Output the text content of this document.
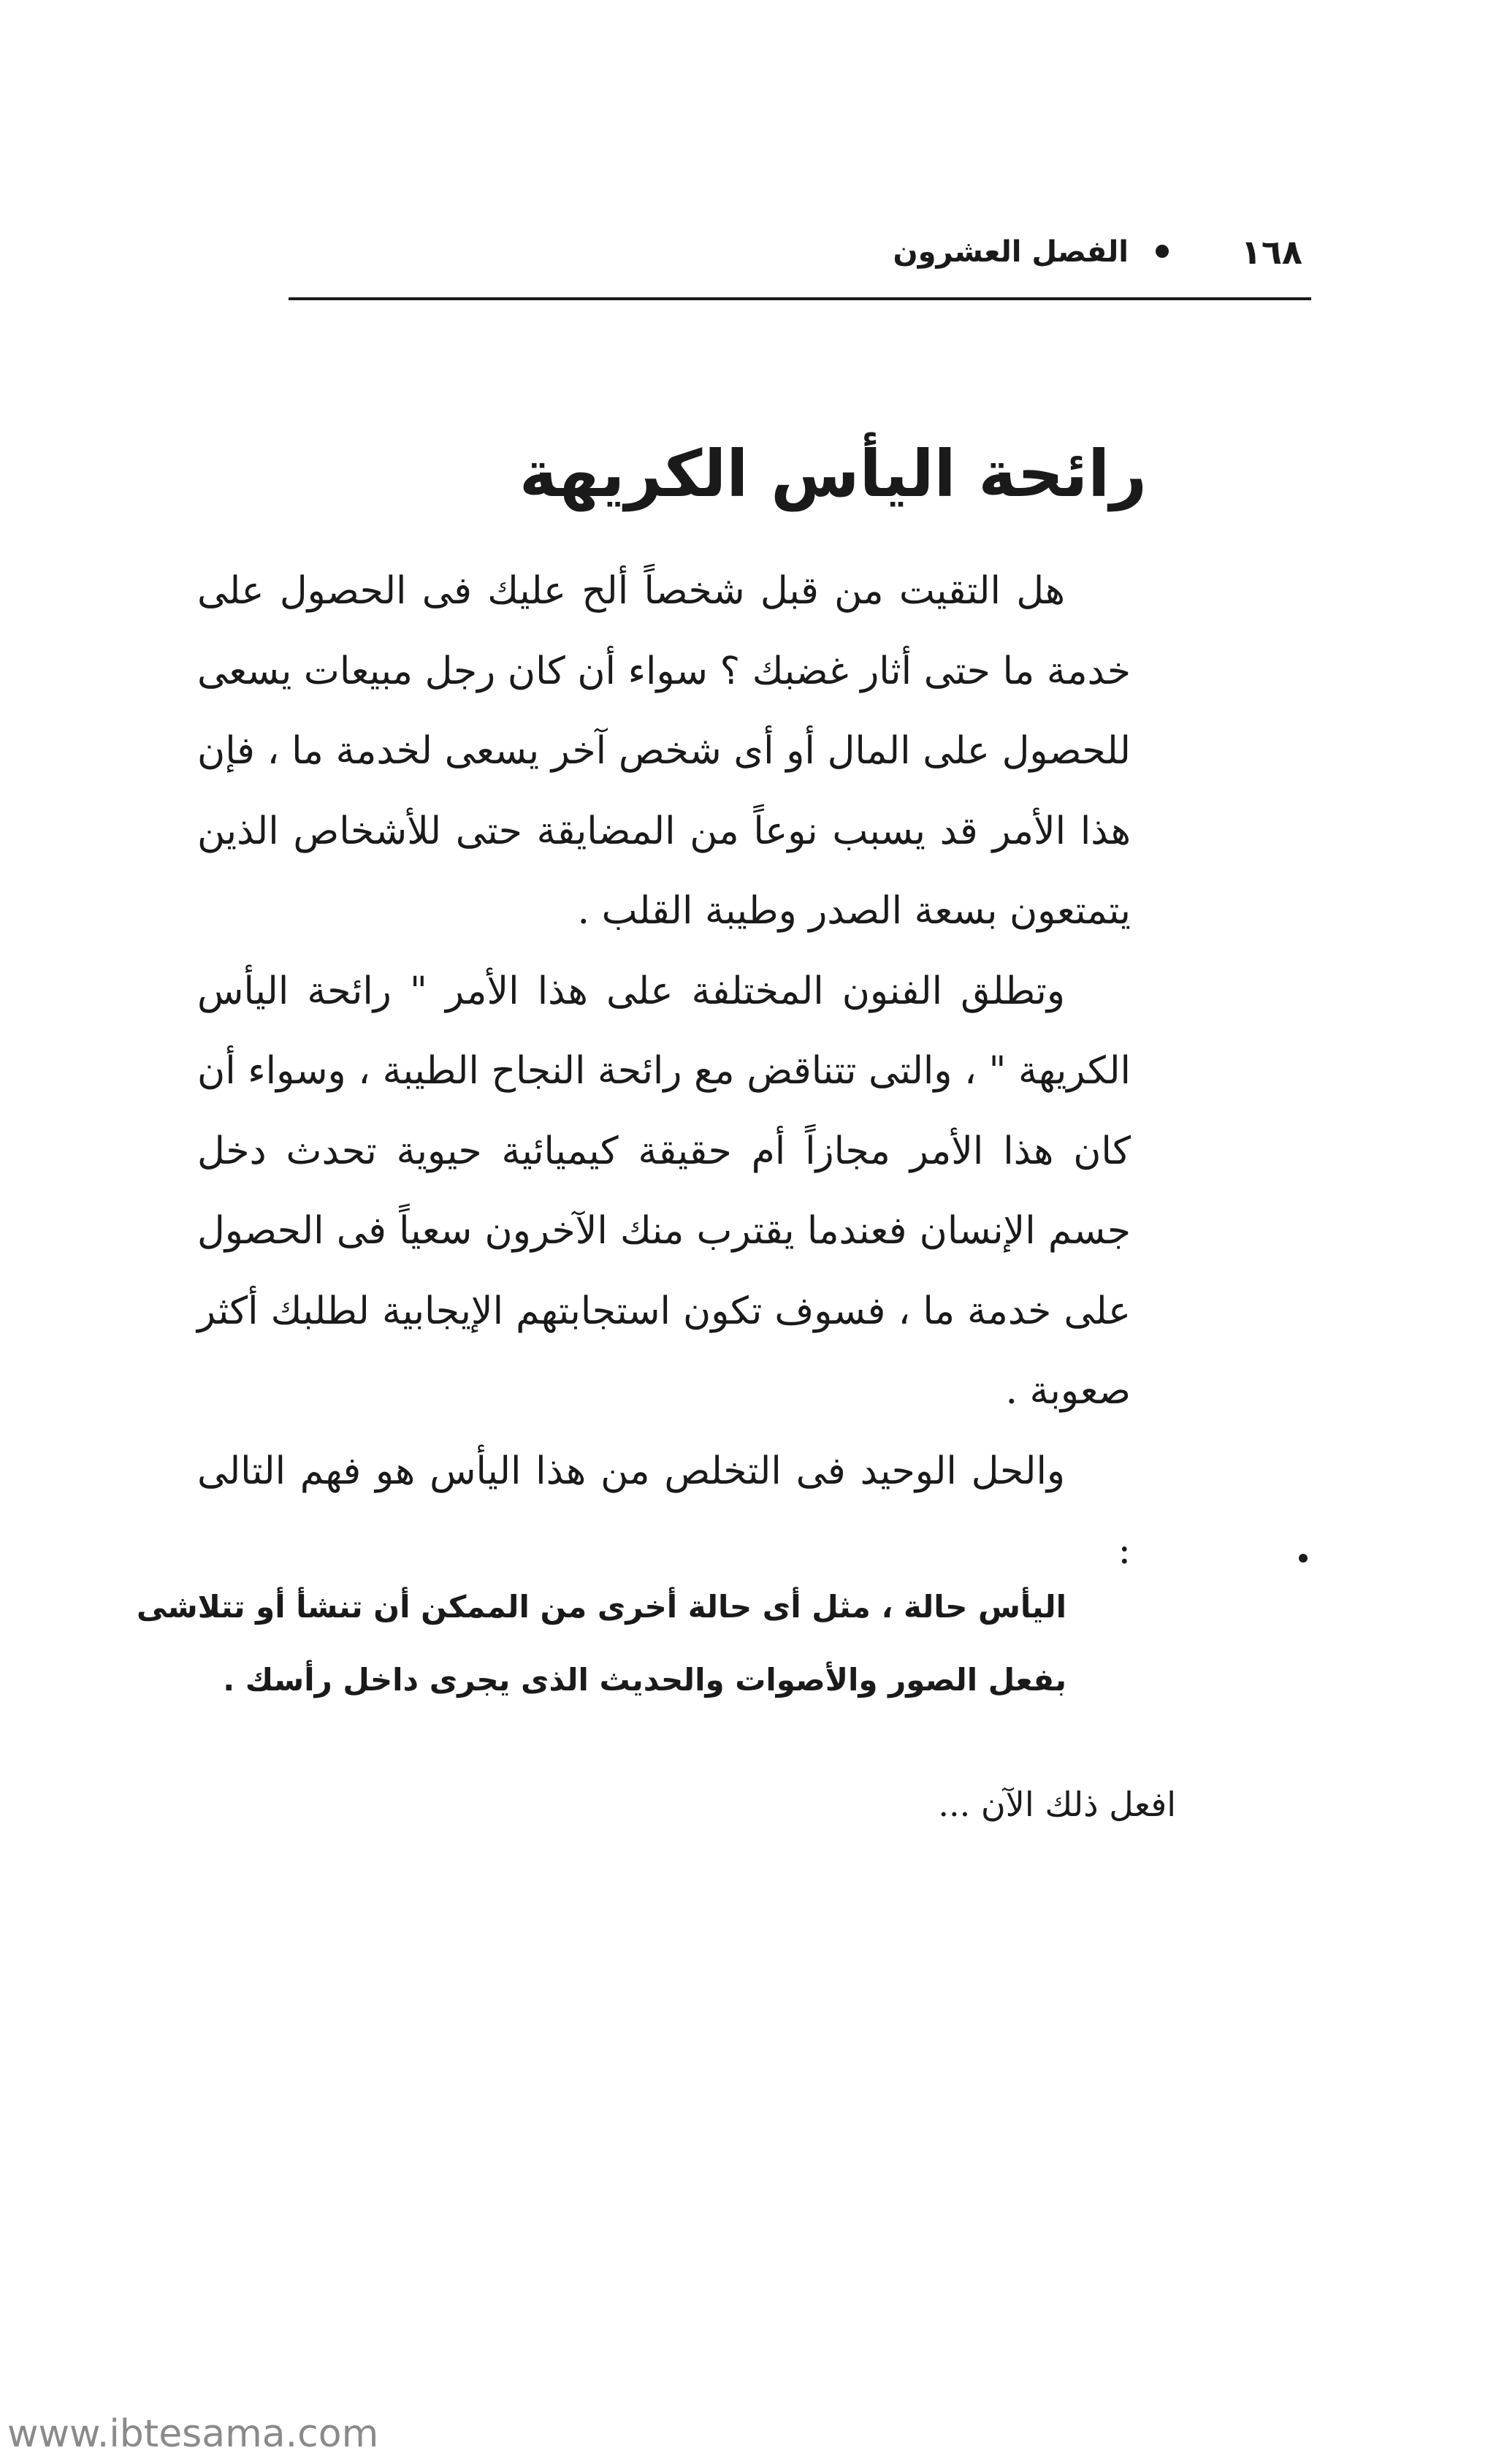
١٦٨
الفصل العشرون
رائحة اليأس الكريهة

هل التقيت من قبل شخصاً ألح عليك فى الحصول على خدمة ما حتى أثار غضبك ؟ سواء أن كان رجل مبيعات يسعى للحصول على المال أو أى شخص آخر يسعى لخدمة ما ، فإن هذا الأمر قد يسبب نوعاً من المضايقة حتى للأشخاص الذين يتمتعون بسعة الصدر وطيبة القلب .

وتطلق الفنون المختلفة على هذا الأمر " رائحة اليأس الكريهة " ، والتى تتناقض مع رائحة النجاح الطيبة ، وسواء أن كان هذا الأمر مجازاً أم حقيقة كيميائية حيوية تحدث دخل جسم الإنسان فعندما يقترب منك الآخرون سعياً فى الحصول على خدمة ما ، فسوف تكون استجابتهم الإيجابية لطلبك أكثر صعوبة .

والحل الوحيد فى التخلص من هذا اليأس هو فهم التالى :

اليأس حالة ، مثل أى حالة أخرى من الممكن أن تنشأ أو تتلاشى
بفعل الصور والأصوات والحديث الذى يجرى داخل رأسك .
افعل ذلك الآن ...
www.ibtesama.com
